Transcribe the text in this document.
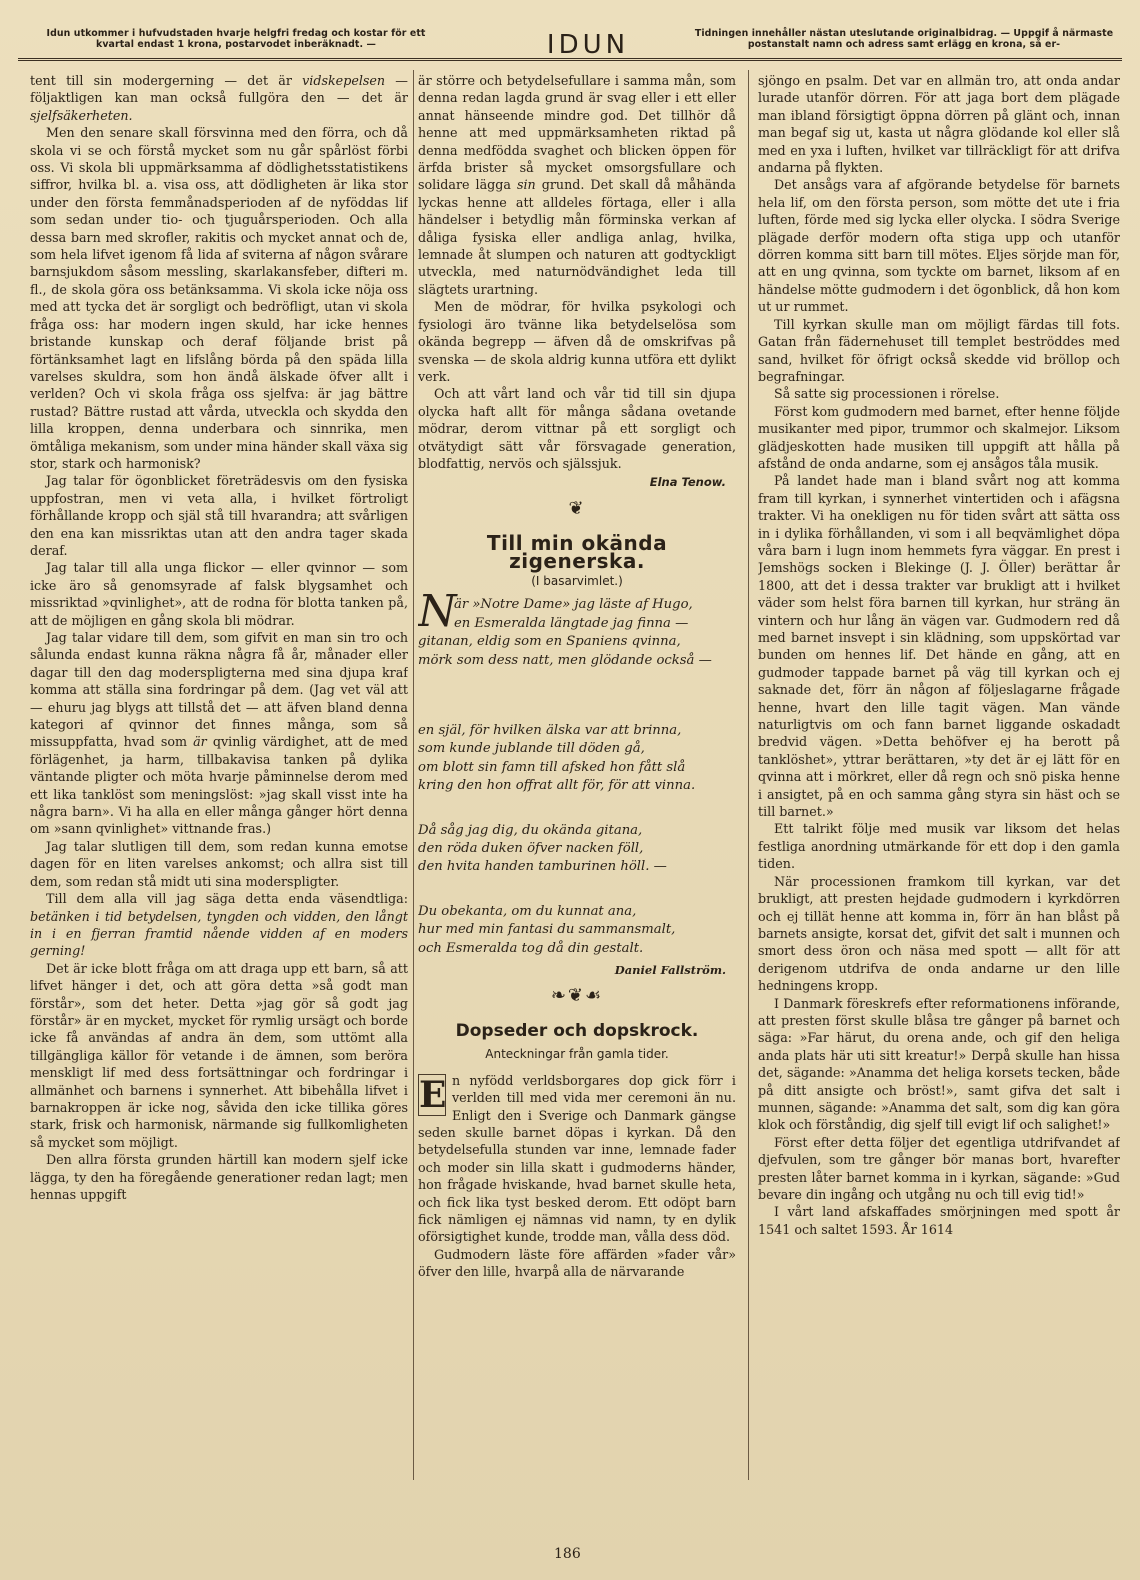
Idun utkommer i hufvudstaden hvarje helgfri fredag och kostar för ett kvartal endast 1 krona, postarvodet inberäknadt. —	IDUN	Tidningen innehåller nästan uteslutande originalbidrag. — Uppgif å närmaste postanstalt namn och adress samt erlägg en krona, så er-

tent till sin modergerning — det är vidskepelsen — följaktligen kan man också fullgöra den — det är sjelfsäkerheten.

Men den senare skall försvinna med den förra, och då skola vi se och förstå mycket som nu går spårlöst förbi oss. Vi skola bli uppmärksamma af dödlighetsstatistikens siffror, hvilka bl. a. visa oss, att dödligheten är lika stor under den första femmånadsperioden af de nyföddas lif som sedan under tio- och tjuguårsperioden. Och alla dessa barn med skrofler, rakitis och mycket annat och de, som hela lifvet igenom få lida af sviterna af någon svårare barnsjukdom såsom messling, skarlakansfeber, difteri m. fl., de skola göra oss betänksamma. Vi skola icke nöja oss med att tycka det är sorgligt och bedröfligt, utan vi skola fråga oss: har modern ingen skuld, har icke hennes bristande kunskap och deraf följande brist på förtänksamhet lagt en lifslång börda på den späda lilla varelses skuldra, som hon ändå älskade öfver allt i verlden? Och vi skola fråga oss sjelfva: är jag bättre rustad? Bättre rustad att vårda, utveckla och skydda den lilla kroppen, denna underbara och sinnrika, men ömtåliga mekanism, som under mina händer skall växa sig stor, stark och harmonisk?

Jag talar för ögonblicket företrädesvis om den fysiska uppfostran, men vi veta alla, i hvilket förtroligt förhållande kropp och själ stå till hvarandra; att svårligen den ena kan missriktas utan att den andra tager skada deraf.

Jag talar till alla unga flickor — eller qvinnor — som icke äro så genomsyrade af falsk blygsamhet och missriktad »qvinlighet», att de rodna för blotta tanken på, att de möjligen en gång skola bli mödrar.

Jag talar vidare till dem, som gifvit en man sin tro och sålunda endast kunna räkna några få år, månader eller dagar till den dag moderspligterna med sina djupa kraf komma att ställa sina fordringar på dem. (Jag vet väl att — ehuru jag blygs att tillstå det — att äfven bland denna kategori af qvinnor det finnes många, som så missuppfatta, hvad som är qvinlig värdighet, att de med förlägenhet, ja harm, tillbakavisa tanken på dylika väntande pligter och möta hvarje påminnelse derom med ett lika tanklöst som meningslöst: »jag skall visst inte ha några barn». Vi ha alla en eller många gånger hört denna om »sann qvinlighet» vittnande fras.)

Jag talar slutligen till dem, som redan kunna emotse dagen för en liten varelses ankomst; och allra sist till dem, som redan stå midt uti sina moderspligter.

Till dem alla vill jag säga detta enda väsendtliga: betänken i tid betydelsen, tyngden och vidden, den långt in i en fjerran framtid nående vidden af en moders gerning!

Det är icke blott fråga om att draga upp ett barn, så att lifvet hänger i det, och att göra detta »så godt man förstår», som det heter. Detta »jag gör så godt jag förstår» är en mycket, mycket för rymlig ursägt och borde icke få användas af andra än dem, som uttömt alla tillgängliga källor för vetande i de ämnen, som beröra menskligt lif med dess fortsättningar och fordringar i allmänhet och barnens i synnerhet. Att bibehålla lifvet i barnakroppen är icke nog, såvida den icke tillika göres stark, frisk och harmonisk, närmande sig fullkomligheten så mycket som möjligt.

Den allra första grunden härtill kan modern sjelf icke lägga, ty den ha föregående generationer redan lagt; men hennas uppgift

är större och betydelsefullare i samma mån, som denna redan lagda grund är svag eller i ett eller annat hänseende mindre god. Det tillhör då henne att med uppmärksamheten riktad på denna medfödda svaghet och blicken öppen för ärfda brister så mycket omsorgsfullare och solidare lägga sin grund. Det skall då måhända lyckas henne att alldeles förtaga, eller i alla händelser i betydlig mån förminska verkan af dåliga fysiska eller andliga anlag, hvilka, lemnade åt slumpen och naturen att godtyckligt utveckla, med naturnödvändighet leda till slägtets urartning.

Men de mödrar, för hvilka psykologi och fysiologi äro tvänne lika betydelselösa som okända begrepp — äfven då de omskrifvas på svenska — de skola aldrig kunna utföra ett dylikt verk.

Och att vårt land och vår tid till sin djupa olycka haft allt för många sådana ovetande mödrar, derom vittnar på ett sorgligt och otvätydigt sätt vår försvagade generation, blodfattig, nervös och själssjuk.

Elna Tenow.
❦
Till min okända zigenerska.
(I basarvimlet.)
N
är »Notre Dame» jag läste af Hugo,
en Esmeralda längtade jag finna —
gitanan, eldig som en Spaniens qvinna,
mörk som dess natt, men glödande också —
en själ, för hvilken älska var att brinna,
som kunde jublande till döden gå,
om blott sin famn till afsked hon fått slå
kring den hon offrat allt för, för att vinna.
Då såg jag dig, du okända gitana,
den röda duken öfver nacken föll,
den hvita handen tamburinen höll. —
Du obekanta, om du kunnat ana,
hur med min fantasi du sammansmalt,
och Esmeralda tog då din gestalt.
Daniel Fallström.
❧❦☙
Dopseder och dopskrock.
Anteckningar från gamla tider.

E n nyfödd verldsborgares dop gick förr i verlden till med vida mer ceremoni än nu. Enligt den i Sverige och Danmark gängse seden skulle barnet döpas i kyrkan. Då den betydelsefulla stunden var inne, lemnade fader och moder sin lilla skatt i gudmoderns händer, hon frågade hviskande, hvad barnet skulle heta, och fick lika tyst besked derom. Ett odöpt barn fick nämligen ej nämnas vid namn, ty en dylik oförsigtighet kunde, trodde man, vålla dess död.

Gudmodern läste före affärden »fader vår» öfver den lille, hvarpå alla de närvarande

sjöngo en psalm. Det var en allmän tro, att onda andar lurade utanför dörren. För att jaga bort dem plägade man ibland försigtigt öppna dörren på glänt och, innan man begaf sig ut, kasta ut några glödande kol eller slå med en yxa i luften, hvilket var tillräckligt för att drifva andarna på flykten.

Det ansågs vara af afgörande betydelse för barnets hela lif, om den första person, som mötte det ute i fria luften, förde med sig lycka eller olycka. I södra Sverige plägade derför modern ofta stiga upp och utanför dörren komma sitt barn till mötes. Eljes sörjde man för, att en ung qvinna, som tyckte om barnet, liksom af en händelse mötte gudmodern i det ögonblick, då hon kom ut ur rummet.

Till kyrkan skulle man om möjligt färdas till fots. Gatan från fädernehuset till templet beströddes med sand, hvilket för öfrigt också skedde vid bröllop och begrafningar.

Så satte sig processionen i rörelse.

Först kom gudmodern med barnet, efter henne följde musikanter med pipor, trummor och skalmejor. Liksom glädjeskotten hade musiken till uppgift att hålla på afstånd de onda andarne, som ej ansågos tåla musik.

På landet hade man i bland svårt nog att komma fram till kyrkan, i synnerhet vintertiden och i afägsna trakter. Vi ha onekligen nu för tiden svårt att sätta oss in i dylika förhållanden, vi som i all beqvämlighet döpa våra barn i lugn inom hemmets fyra väggar. En prest i Jemshögs socken i Blekinge (J. J. Öller) berättar år 1800, att det i dessa trakter var brukligt att i hvilket väder som helst föra barnen till kyrkan, hur sträng än vintern och hur lång än vägen var. Gudmodern red då med barnet insvept i sin klädning, som uppskörtad var bunden om hennes lif. Det hände en gång, att en gudmoder tappade barnet på väg till kyrkan och ej saknade det, förr än någon af följeslagarne frågade henne, hvart den lille tagit vägen. Man vände naturligtvis om och fann barnet liggande oskadadt bredvid vägen. »Detta behöfver ej ha berott på tanklöshet», yttrar berättaren, »ty det är ej lätt för en qvinna att i mörkret, eller då regn och snö piska henne i ansigtet, på en och samma gång styra sin häst och se till barnet.»

Ett talrikt följe med musik var liksom det helas festliga anordning utmärkande för ett dop i den gamla tiden.

När processionen framkom till kyrkan, var det brukligt, att presten hejdade gudmodern i kyrkdörren och ej tillät henne att komma in, förr än han blåst på barnets ansigte, korsat det, gifvit det salt i munnen och smort dess öron och näsa med spott — allt för att derigenom utdrifva de onda andarne ur den lille hedningens kropp.

I Danmark föreskrefs efter reformationens införande, att presten först skulle blåsa tre gånger på barnet och säga: »Far härut, du orena ande, och gif den heliga anda plats här uti sitt kreatur!» Derpå skulle han hissa det, sägande: »Anamma det heliga korsets tecken, både på ditt ansigte och bröst!», samt gifva det salt i munnen, sägande: »Anamma det salt, som dig kan göra klok och förståndig, dig sjelf till evigt lif och salighet!»

Först efter detta följer det egentliga utdrifvandet af djefvulen, som tre gånger bör manas bort, hvarefter presten låter barnet komma in i kyrkan, sägande: »Gud bevare din ingång och utgång nu och till evig tid!»

I vårt land afskaffades smörjningen med spott år 1541 och saltet 1593. År 1614

186
